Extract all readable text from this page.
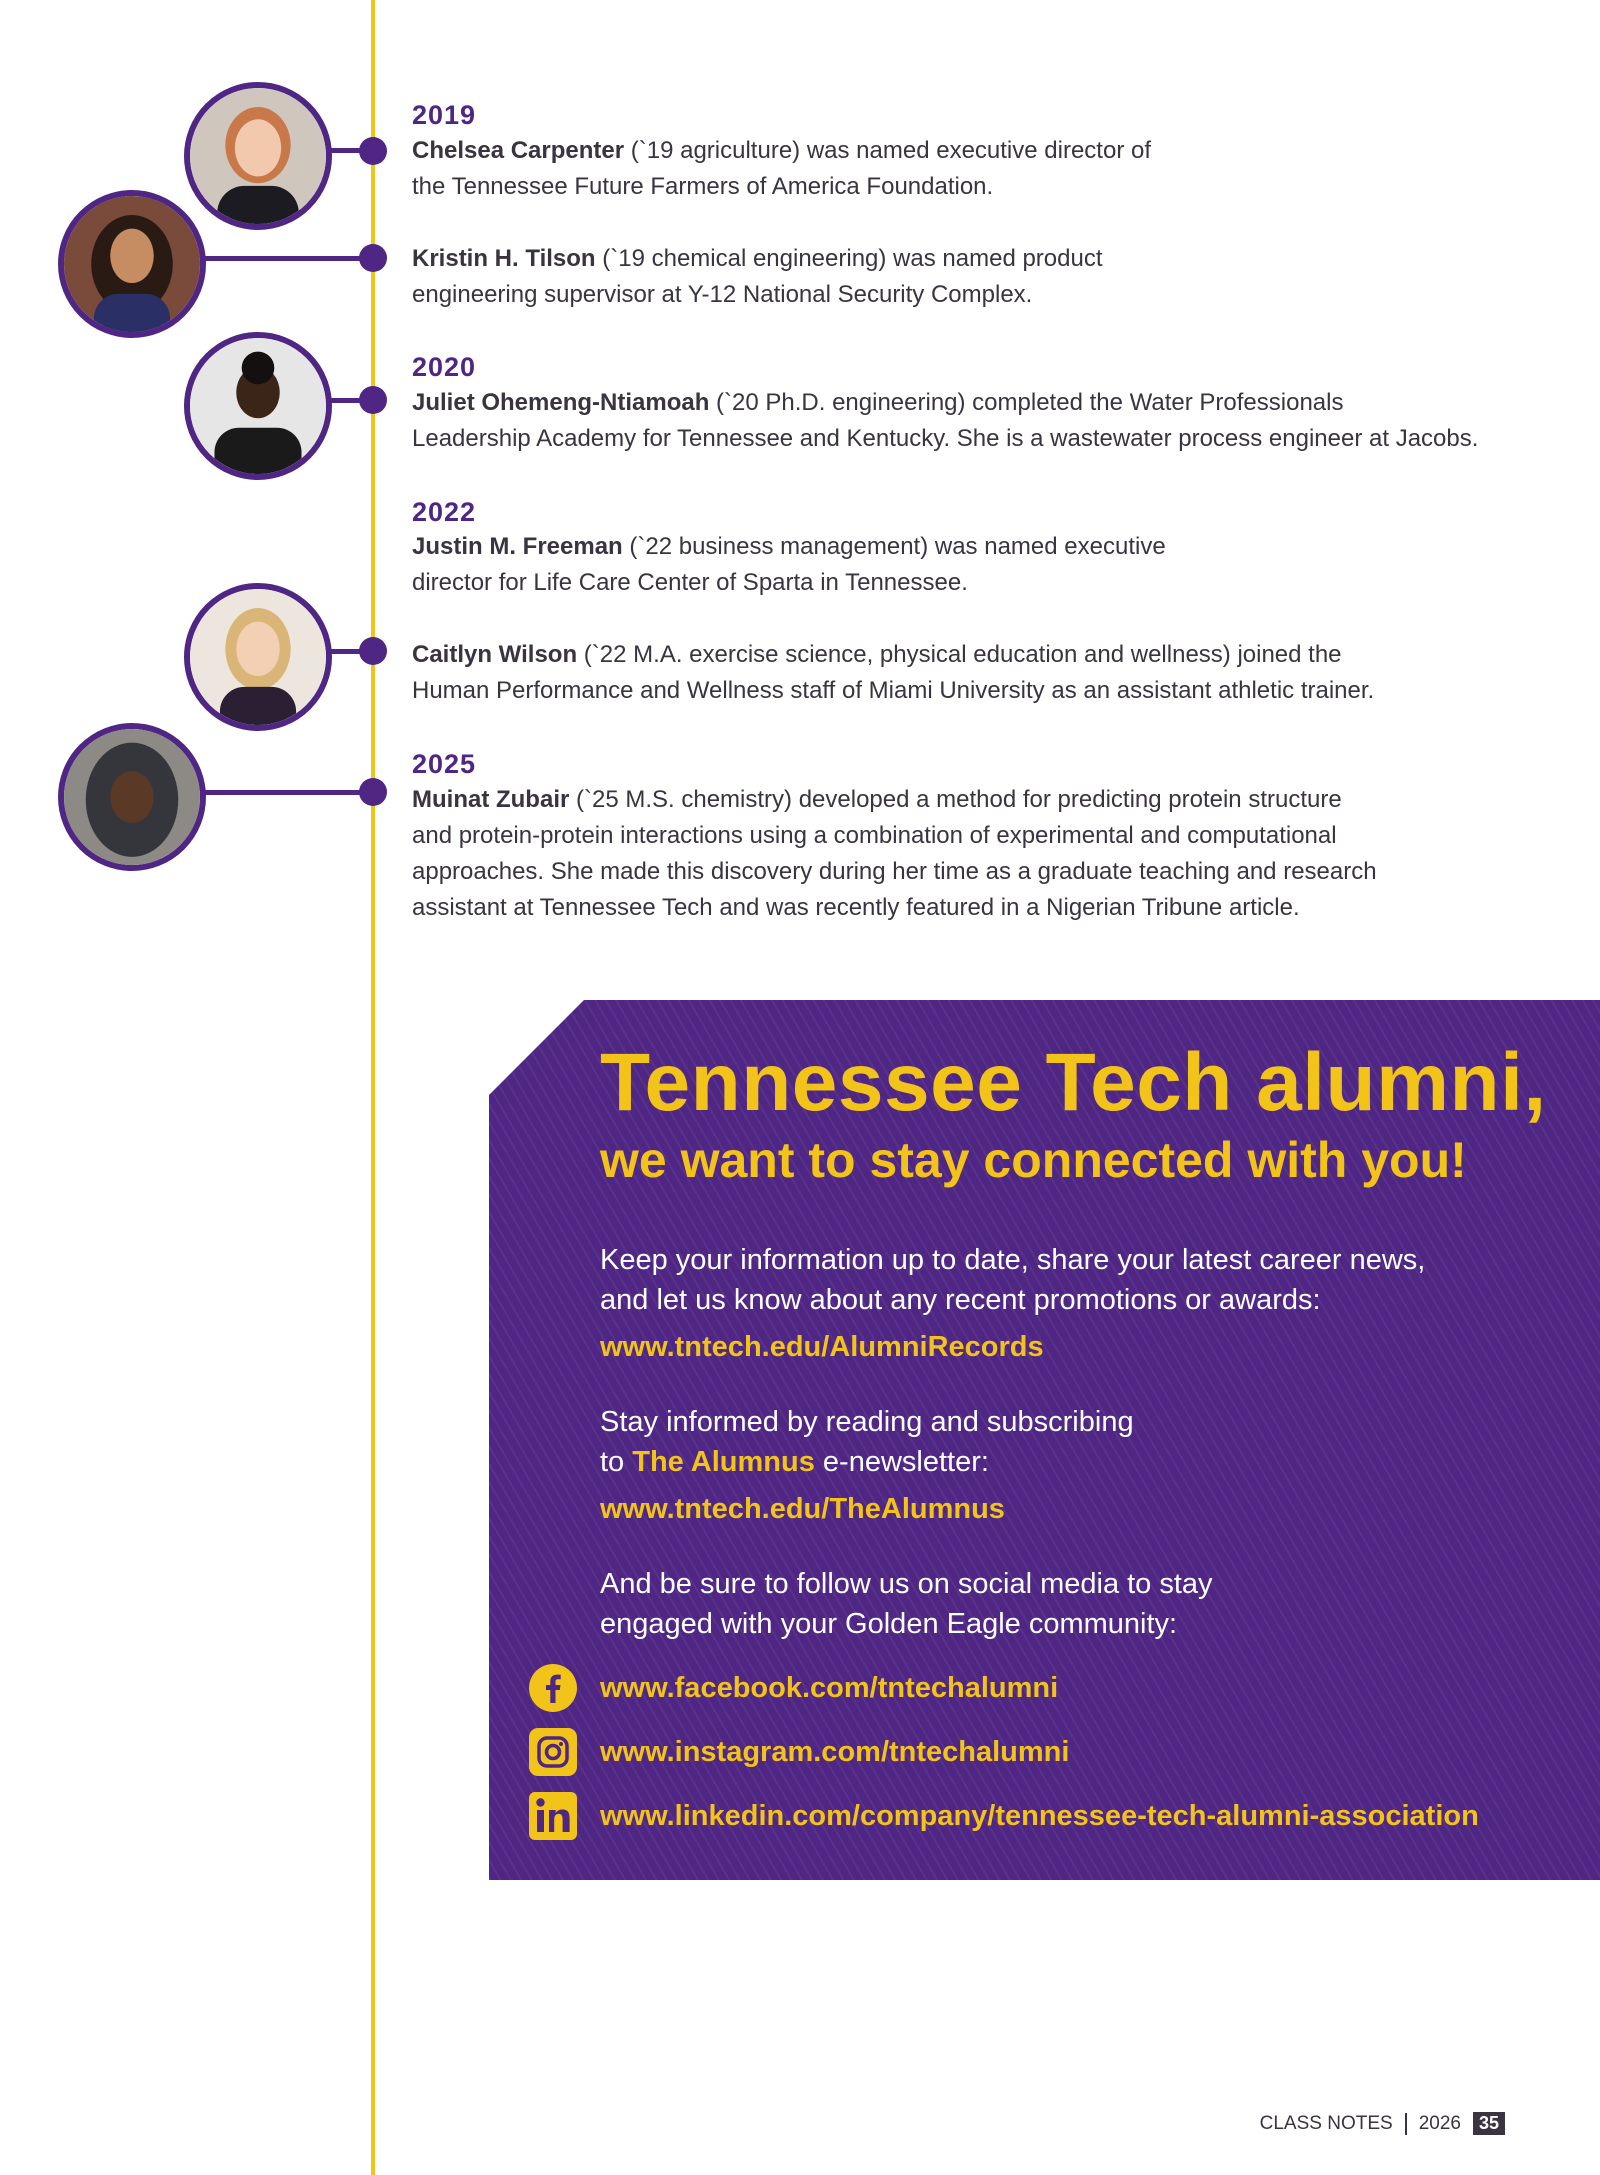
2019

Chelsea Carpenter (`19 agriculture) was named executive director of
the Tennessee Future Farmers of America Foundation.

Kristin H. Tilson (`19 chemical engineering) was named product
engineering supervisor at Y-12 National Security Complex.

2020

Juliet Ohemeng-Ntiamoah (`20 Ph.D. engineering) completed the Water Professionals
Leadership Academy for Tennessee and Kentucky. She is a wastewater process engineer at Jacobs.

2022

Justin M. Freeman (`22 business management) was named executive
director for Life Care Center of Sparta in Tennessee.

Caitlyn Wilson (`22 M.A. exercise science, physical education and wellness) joined the
Human Performance and Wellness staff of Miami University as an assistant athletic trainer.

2025

Muinat Zubair (`25 M.S. chemistry) developed a method for predicting protein structure
and protein-protein interactions using a combination of experimental and computational
approaches. She made this discovery during her time as a graduate teaching and research
assistant at Tennessee Tech and was recently featured in a Nigerian Tribune article.

Tennessee Tech alumni,
we want to stay connected with you!

Keep your information up to date, share your latest career news,
and let us know about any recent promotions or awards:

www.tntech.edu/AlumniRecords

Stay informed by reading and subscribing
to The Alumnus e-newsletter:

www.tntech.edu/TheAlumnus

And be sure to follow us on social media to stay
engaged with your Golden Eagle community:

www.facebook.com/tntechalumni
www.instagram.com/tntechalumni
www.linkedin.com/company/tennessee-tech-alumni-association
CLASS NOTES 2026	35
